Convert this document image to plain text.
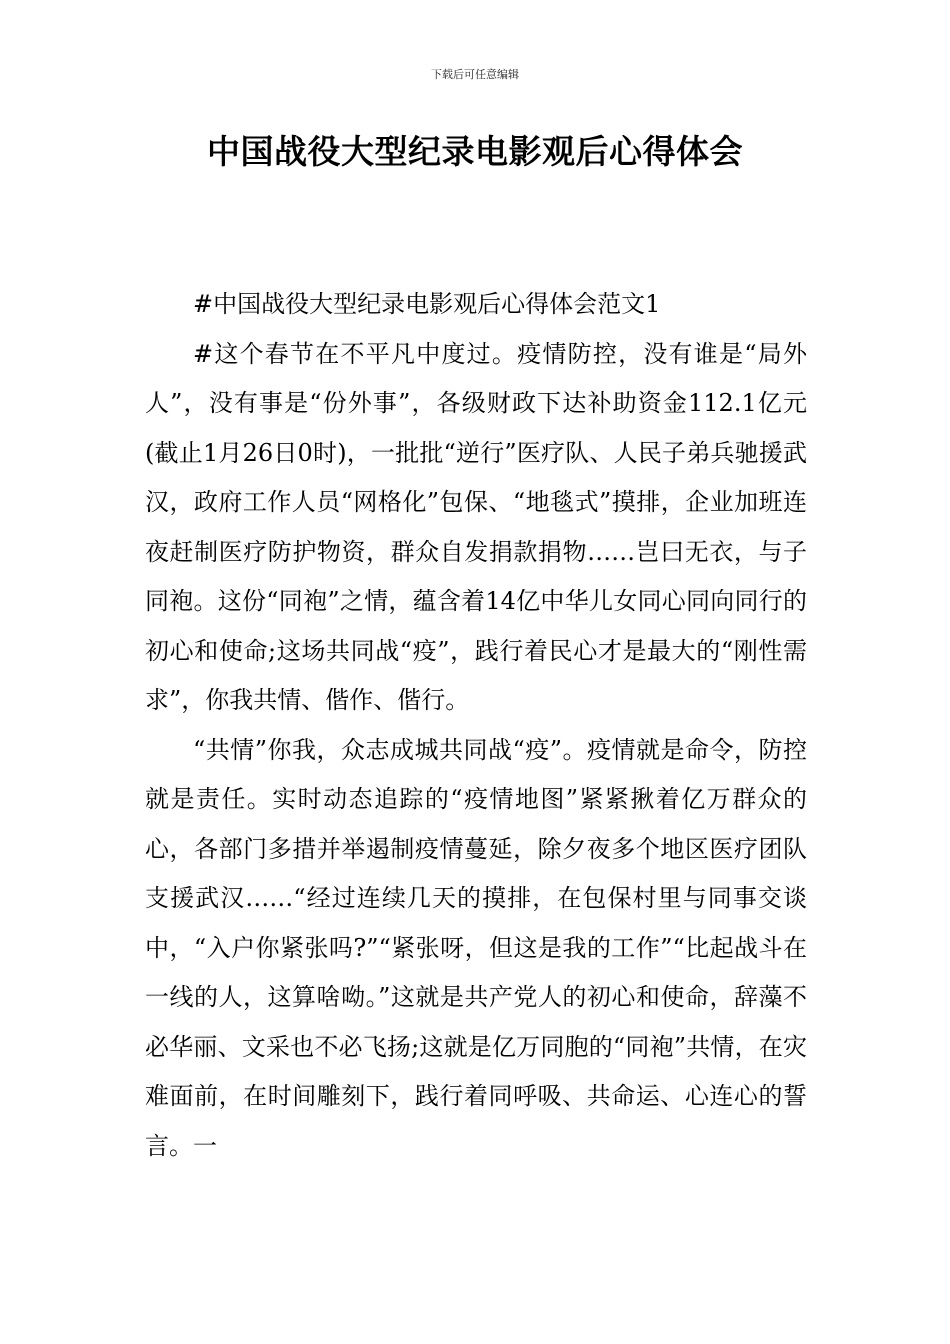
下载后可任意编辑
中国战役大型纪录电影观后心得体会

#中国战役大型纪录电影观后心得体会范文1

#这个春节在不平凡中度过。疫情防控，没有谁是“局外人”，没有事是“份外事”，各级财政下达补助资金112.1亿元(截止1月26日0时)，一批批“逆行”医疗队、人民子弟兵驰援武汉，政府工作人员“网格化”包保、“地毯式”摸排，企业加班连夜赶制医疗防护物资，群众自发捐款捐物……岂曰无衣，与子同袍。这份“同袍”之情，蕴含着14亿中华儿女同心同向同行的初心和使命;这场共同战“疫”，践行着民心才是最大的“刚性需求”，你我共情、偕作、偕行。

“共情”你我，众志成城共同战“疫”。疫情就是命令，防控就是责任。实时动态追踪的“疫情地图”紧紧揪着亿万群众的心，各部门多措并举遏制疫情蔓延，除夕夜多个地区医疗团队支援武汉……“经过连续几天的摸排，在包保村里与同事交谈中，“入户你紧张吗?”“紧张呀，但这是我的工作”“比起战斗在一线的人，这算啥呦。”这就是共产党人的初心和使命，辞藻不必华丽、文采也不必飞扬;这就是亿万同胞的“同袍”共情，在灾难面前，在时间雕刻下，践行着同呼吸、共命运、心连心的誓言。一
